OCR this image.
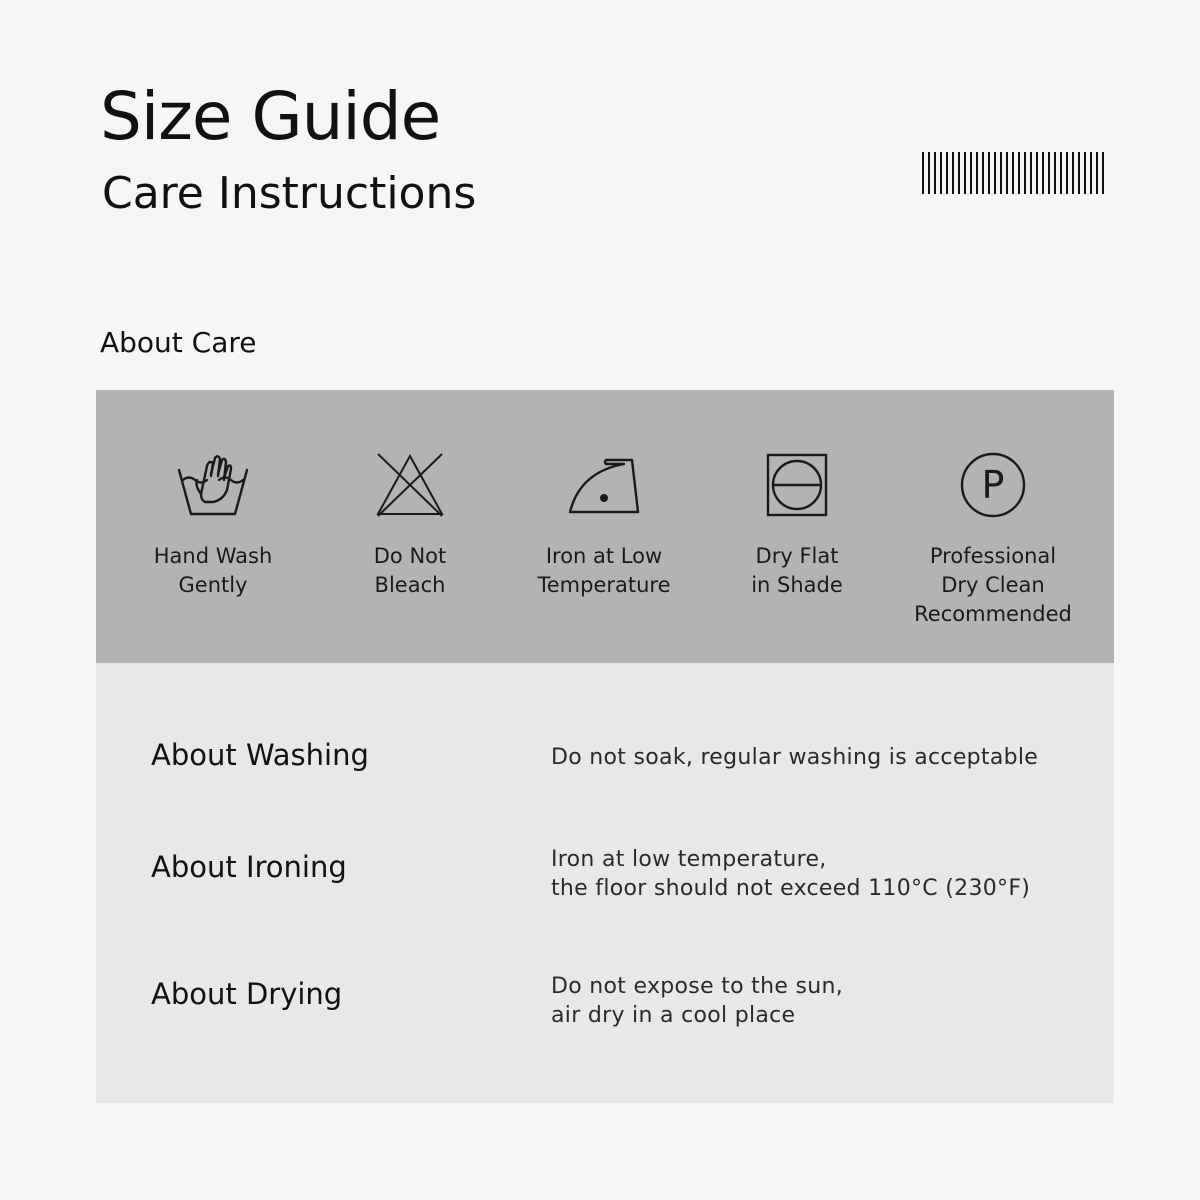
Size Guide
Care Instructions
About Care
Hand Wash
Gently
Do Not
Bleach
Iron at Low
Temperature
Dry Flat
in Shade
P
Professional
Dry Clean
Recommended
About Washing	Do not soak, regular washing is acceptable
About Ironing	Iron at low temperature,
the floor should not exceed 110°C (230°F)
About Drying	Do not expose to the sun,
air dry in a cool place
